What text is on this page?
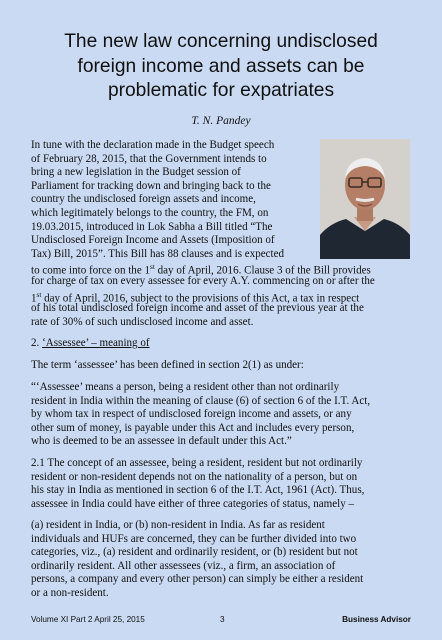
The new law concerning undisclosed
foreign income and assets can be
problematic for expatriates
T. N. Pandey
In tune with the declaration made in the Budget speech
of February 28, 2015, that the Government intends to
bring a new legislation in the Budget session of
Parliament for tracking down and bringing back to the
country the undisclosed foreign assets and income,
which legitimately belongs to the country, the FM, on
19.03.2015, introduced in Lok Sabha a Bill titled “The
Undisclosed Foreign Income and Assets (Imposition of
Tax) Bill, 2015”. This Bill has 88 clauses and is expected
to come into force on the 1st day of April, 2016. Clause 3 of the Bill provides
for charge of tax on every assessee for every A.Y. commencing on or after the
1st day of April, 2016, subject to the provisions of this Act, a tax in respect
of his total undisclosed foreign income and asset of the previous year at the
rate of 30% of such undisclosed income and asset.
2. ‘Assessee’ – meaning of
The term ‘assessee’ has been defined in section 2(1) as under:
“‘Assessee’ means a person, being a resident other than not ordinarily
resident in India within the meaning of clause (6) of section 6 of the I.T. Act,
by whom tax in respect of undisclosed foreign income and assets, or any
other sum of money, is payable under this Act and includes every person,
who is deemed to be an assessee in default under this Act.”
2.1 The concept of an assessee, being a resident, resident but not ordinarily
resident or non-resident depends not on the nationality of a person, but on
his stay in India as mentioned in section 6 of the I.T. Act, 1961 (Act). Thus,
assessee in India could have either of three categories of status, namely –
(a) resident in India, or (b) non-resident in India. As far as resident
individuals and HUFs are concerned, they can be further divided into two
categories, viz., (a) resident and ordinarily resident, or (b) resident but not
ordinarily resident. All other assessees (viz., a firm, an association of
persons, a company and every other person) can simply be either a resident
or a non-resident.
Volume XI Part 2 April 25, 2015	3	Business Advisor
